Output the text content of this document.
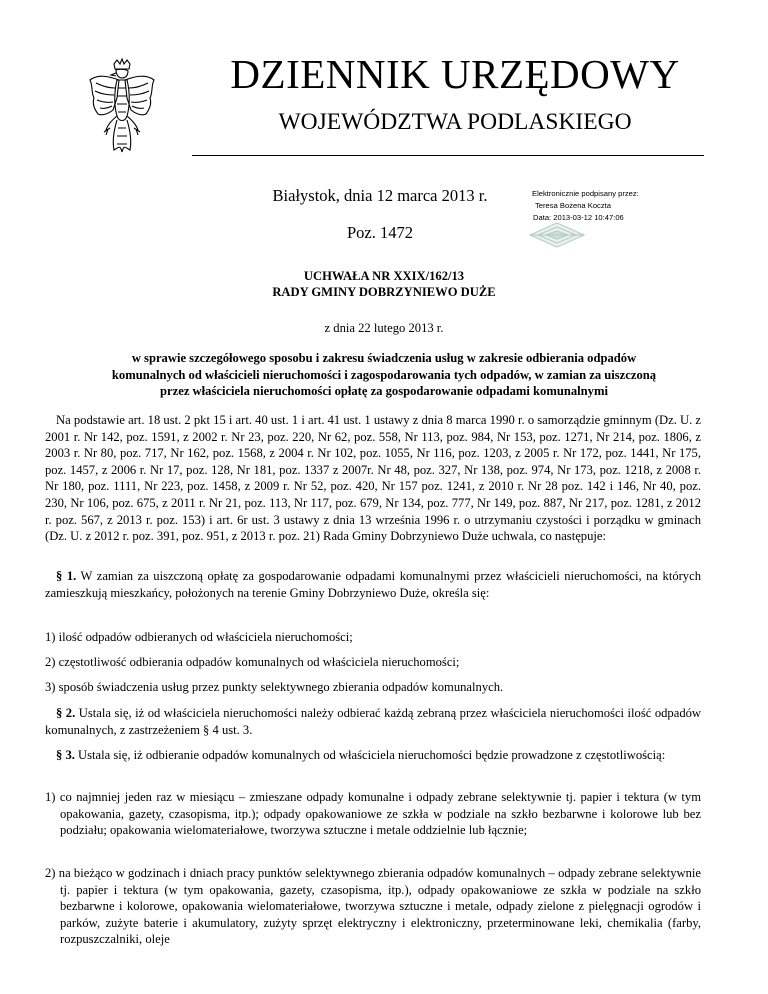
DZIENNIK URZĘDOWY
WOJEWÓDZTWA PODLASKIEGO
Białystok, dnia 12 marca 2013 r.
Poz. 1472
Elektronicznie podpisany przez:
Teresa Bożena Koczta
Data: 2013-03-12 10:47:06
UCHWAŁA NR XXIX/162/13
RADY GMINY DOBRZYNIEWO DUŻE
z dnia 22 lutego 2013 r.
w sprawie szczegółowego sposobu i zakresu świadczenia usług w zakresie odbierania odpadów
komunalnych od właścicieli nieruchomości i zagospodarowania tych odpadów, w zamian za uiszczoną
przez właściciela nieruchomości opłatę za gospodarowanie odpadami komunalnymi

Na podstawie art. 18 ust. 2 pkt 15 i art. 40 ust. 1 i art. 41 ust. 1 ustawy z dnia 8 marca 1990 r. o samorządzie gminnym (Dz. U. z 2001 r. Nr 142, poz. 1591, z 2002 r. Nr 23, poz. 220, Nr 62, poz. 558, Nr 113, poz. 984, Nr 153, poz. 1271, Nr 214, poz. 1806, z 2003 r. Nr 80, poz. 717, Nr 162, poz. 1568, z 2004 r. Nr 102, poz. 1055, Nr 116, poz. 1203, z 2005 r. Nr 172, poz. 1441, Nr 175, poz. 1457, z 2006 r. Nr 17, poz. 128, Nr 181, poz. 1337 z 2007r. Nr 48, poz. 327, Nr 138, poz. 974, Nr 173, poz. 1218, z 2008 r. Nr 180, poz. 1111, Nr 223, poz. 1458, z 2009 r. Nr 52, poz. 420, Nr 157 poz. 1241, z 2010 r. Nr 28 poz. 142 i 146, Nr 40, poz. 230, Nr 106, poz. 675, z 2011 r. Nr 21, poz. 113, Nr 117, poz. 679, Nr 134, poz. 777, Nr 149, poz. 887, Nr 217, poz. 1281, z 2012 r. poz. 567, z 2013 r. poz. 153) i art. 6r ust. 3 ustawy z dnia 13 września 1996 r. o utrzymaniu czystości i porządku w gminach (Dz. U. z 2012 r. poz. 391, poz. 951, z 2013 r. poz. 21) Rada Gminy Dobrzyniewo Duże uchwala, co następuje:

§ 1. W zamian za uiszczoną opłatę za gospodarowanie odpadami komunalnymi przez właścicieli nieruchomości, na których zamieszkują mieszkańcy, położonych na terenie Gminy Dobrzyniewo Duże, określa się:

1) ilość odpadów odbieranych od właściciela nieruchomości;

2) częstotliwość odbierania odpadów komunalnych od właściciela nieruchomości;

3) sposób świadczenia usług przez punkty selektywnego zbierania odpadów komunalnych.

§ 2. Ustala się, iż od właściciela nieruchomości należy odbierać każdą zebraną przez właściciela nieruchomości ilość odpadów komunalnych, z zastrzeżeniem § 4 ust. 3.

§ 3. Ustala się, iż odbieranie odpadów komunalnych od właściciela nieruchomości będzie prowadzone z częstotliwością:

1) co najmniej jeden raz w miesiącu – zmieszane odpady komunalne i odpady zebrane selektywnie tj. papier i tektura (w tym opakowania, gazety, czasopisma, itp.); odpady opakowaniowe ze szkła w podziale na szkło bezbarwne i kolorowe lub bez podziału; opakowania wielomateriałowe, tworzywa sztuczne i metale oddzielnie lub łącznie;

2) na bieżąco w godzinach i dniach pracy punktów selektywnego zbierania odpadów komunalnych – odpady zebrane selektywnie tj. papier i tektura (w tym opakowania, gazety, czasopisma, itp.), odpady opakowaniowe ze szkła w podziale na szkło bezbarwne i kolorowe, opakowania wielomateriałowe, tworzywa sztuczne i metale, odpady zielone z pielęgnacji ogrodów i parków, zużyte baterie i akumulatory, zużyty sprzęt elektryczny i elektroniczny, przeterminowane leki, chemikalia (farby, rozpuszczalniki, oleje
